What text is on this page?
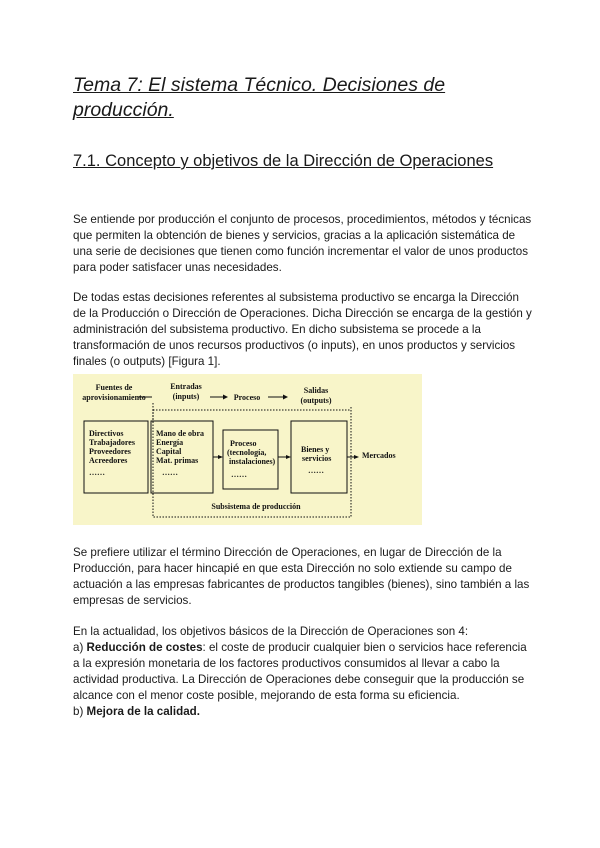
Tema 7: El sistema Técnico. Decisiones de producción.
7.1. Concepto y objetivos de la Dirección de Operaciones

Se entiende por producción el conjunto de procesos, procedimientos, métodos y técnicas que permiten la obtención de bienes y servicios, gracias a la aplicación sistemática de una serie de decisiones que tienen como función incrementar el valor de unos productos para poder satisfacer unas necesidades.

De todas estas decisiones referentes al subsistema productivo se encarga la Dirección de la Producción o Dirección de Operaciones. Dicha Dirección se encarga de la gestión y administración del subsistema productivo. En dicho subsistema se procede a la transformación de unos recursos productivos (o inputs), en unos productos y servicios finales (o outputs) [Figura 1].

Fuentes de
aprovisionamiento
Entradas
(inputs)	Proceso
Salidas
(outputs)
Directivos
Trabajadores
Proveedores
Acreedores
……
Mano de obra
Energía
Capital
Mat. primas
……
Proceso
(tecnología,
instalaciones)
……
Bienes y
servicios
……
Mercados
Subsistema de producción

Se prefiere utilizar el término Dirección de Operaciones, en lugar de Dirección de la Producción, para hacer hincapié en que esta Dirección no solo extiende su campo de actuación a las empresas fabricantes de productos tangibles (bienes), sino también a las empresas de servicios.

En la actualidad, los objetivos básicos de la Dirección de Operaciones son 4:
a) Reducción de costes: el coste de producir cualquier bien o servicios hace referencia a la expresión monetaria de los factores productivos consumidos al llevar a cabo la actividad productiva. La Dirección de Operaciones debe conseguir que la producción se alcance con el menor coste posible, mejorando de esta forma su eficiencia.
b) Mejora de la calidad.
